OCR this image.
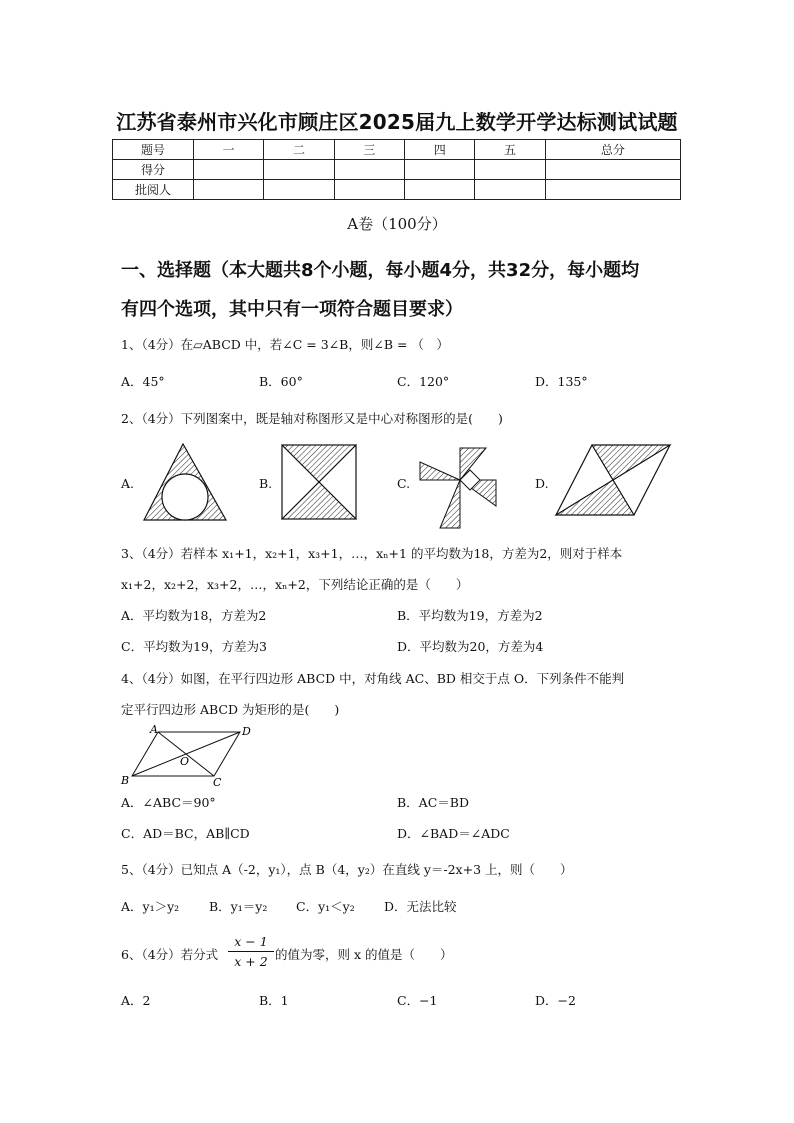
江苏省泰州市兴化市顾庄区2025届九上数学开学达标测试试题
题号	一	二	三	四	五	总分
得分						
批阅人						
A卷（100分）
一、选择题（本大题共8个小题，每小题4分，共32分，每小题均
有四个选项，其中只有一项符合题目要求）
1、（4分）在▱ABCD 中，若∠C = 3∠B，则∠B = （　）
A．45°	B．60°	C．120°	D．135°
2、（4分）下列图案中，既是轴对称图形又是中心对称图形的是(　　)
A.	B.	C.	D.
3、（4分）若样本 x₁+1，x₂+1，x₃+1，…，xₙ+1 的平均数为18，方差为2，则对于样本
x₁+2，x₂+2，x₃+2，…，xₙ+2，下列结论正确的是（　　）
A．平均数为18，方差为2	B．平均数为19，方差为2
C．平均数为19，方差为3	D．平均数为20，方差为4
4、（4分）如图，在平行四边形 ABCD 中，对角线 AC、BD 相交于点 O．下列条件不能判
定平行四边形 ABCD 为矩形的是(　　)
A	D
O
B	C
A．∠ABC＝90°	B．AC＝BD
C．AD＝BC，AB∥CD	D．∠BAD＝∠ADC
5、（4分）已知点 A（-2，y₁），点 B（4，y₂）在直线 y＝-2x+3 上，则（　　）
A．y₁＞y₂ B．y₁＝y₂ C．y₁＜y₂ D．无法比较
6、（4分）若分式
x − 1
x + 2 的值为零，则 x 的值是（　　）
A．2	B．1	C．−1	D．−2
